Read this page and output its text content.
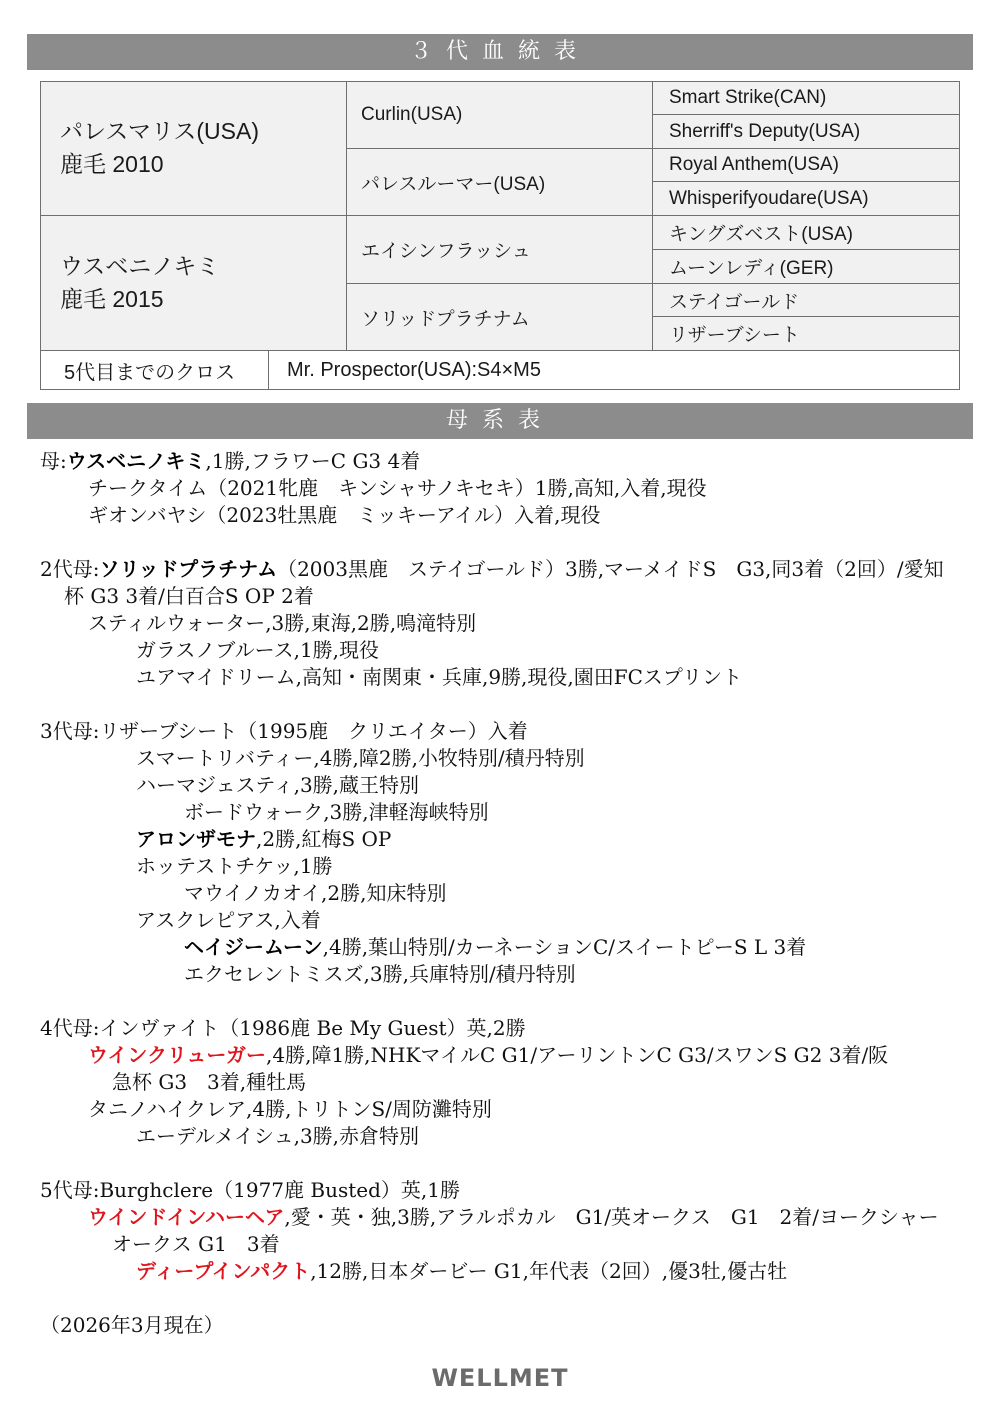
３代血統表
パレスマリス(USA)
鹿毛 2010
ウスベニノキミ
鹿毛 2015
Curlin(USA)
パレスルーマー(USA)
エイシンフラッシュ
ソリッドプラチナム
Smart Strike(CAN)
Sherriff's Deputy(USA)
Royal Anthem(USA)
Whisperifyoudare(USA)
キングズベスト(USA)
ムーンレディ(GER)
ステイゴールド
リザーブシート
5代目までのクロス	Mr. Prospector(USA):S4×M5
母系表
母:ウスベニノキミ,1勝,フラワーC G3 4着
チークタイム（2021牝鹿　キンシャサノキセキ）1勝,高知,入着,現役
ギオンバヤシ（2023牡黒鹿　ミッキーアイル）入着,現役
2代母:ソリッドプラチナム（2003黒鹿　ステイゴールド）3勝,マーメイドS　G3,同3着（2回）/愛知
杯 G3 3着/白百合S OP 2着
スティルウォーター,3勝,東海,2勝,鳴滝特別
ガラスノブルース,1勝,現役
ユアマイドリーム,高知・南関東・兵庫,9勝,現役,園田FCスプリント
3代母:リザーブシート（1995鹿　クリエイター）入着
スマートリバティー,4勝,障2勝,小牧特別/積丹特別
ハーマジェスティ,3勝,蔵王特別
ボードウォーク,3勝,津軽海峡特別
アロンザモナ,2勝,紅梅S OP
ホッテストチケッ,1勝
マウイノカオイ,2勝,知床特別
アスクレピアス,入着
ヘイジームーン,4勝,葉山特別/カーネーションC/スイートピーS L 3着
エクセレントミスズ,3勝,兵庫特別/積丹特別
4代母:インヴァイト（1986鹿 Be My Guest）英,2勝
ウインクリューガー,4勝,障1勝,NHKマイルC G1/アーリントンC G3/スワンS G2 3着/阪
急杯 G3　3着,種牡馬
タニノハイクレア,4勝,トリトンS/周防灘特別
エーデルメイシュ,3勝,赤倉特別
5代母:Burghclere（1977鹿 Busted）英,1勝
ウインドインハーヘア,愛・英・独,3勝,アラルポカル　G1/英オークス　G1　2着/ヨークシャー
オークス G1　3着
ディープインパクト,12勝,日本ダービー G1,年代表（2回）,優3牡,優古牡
（2026年3月現在）
WELLMET
